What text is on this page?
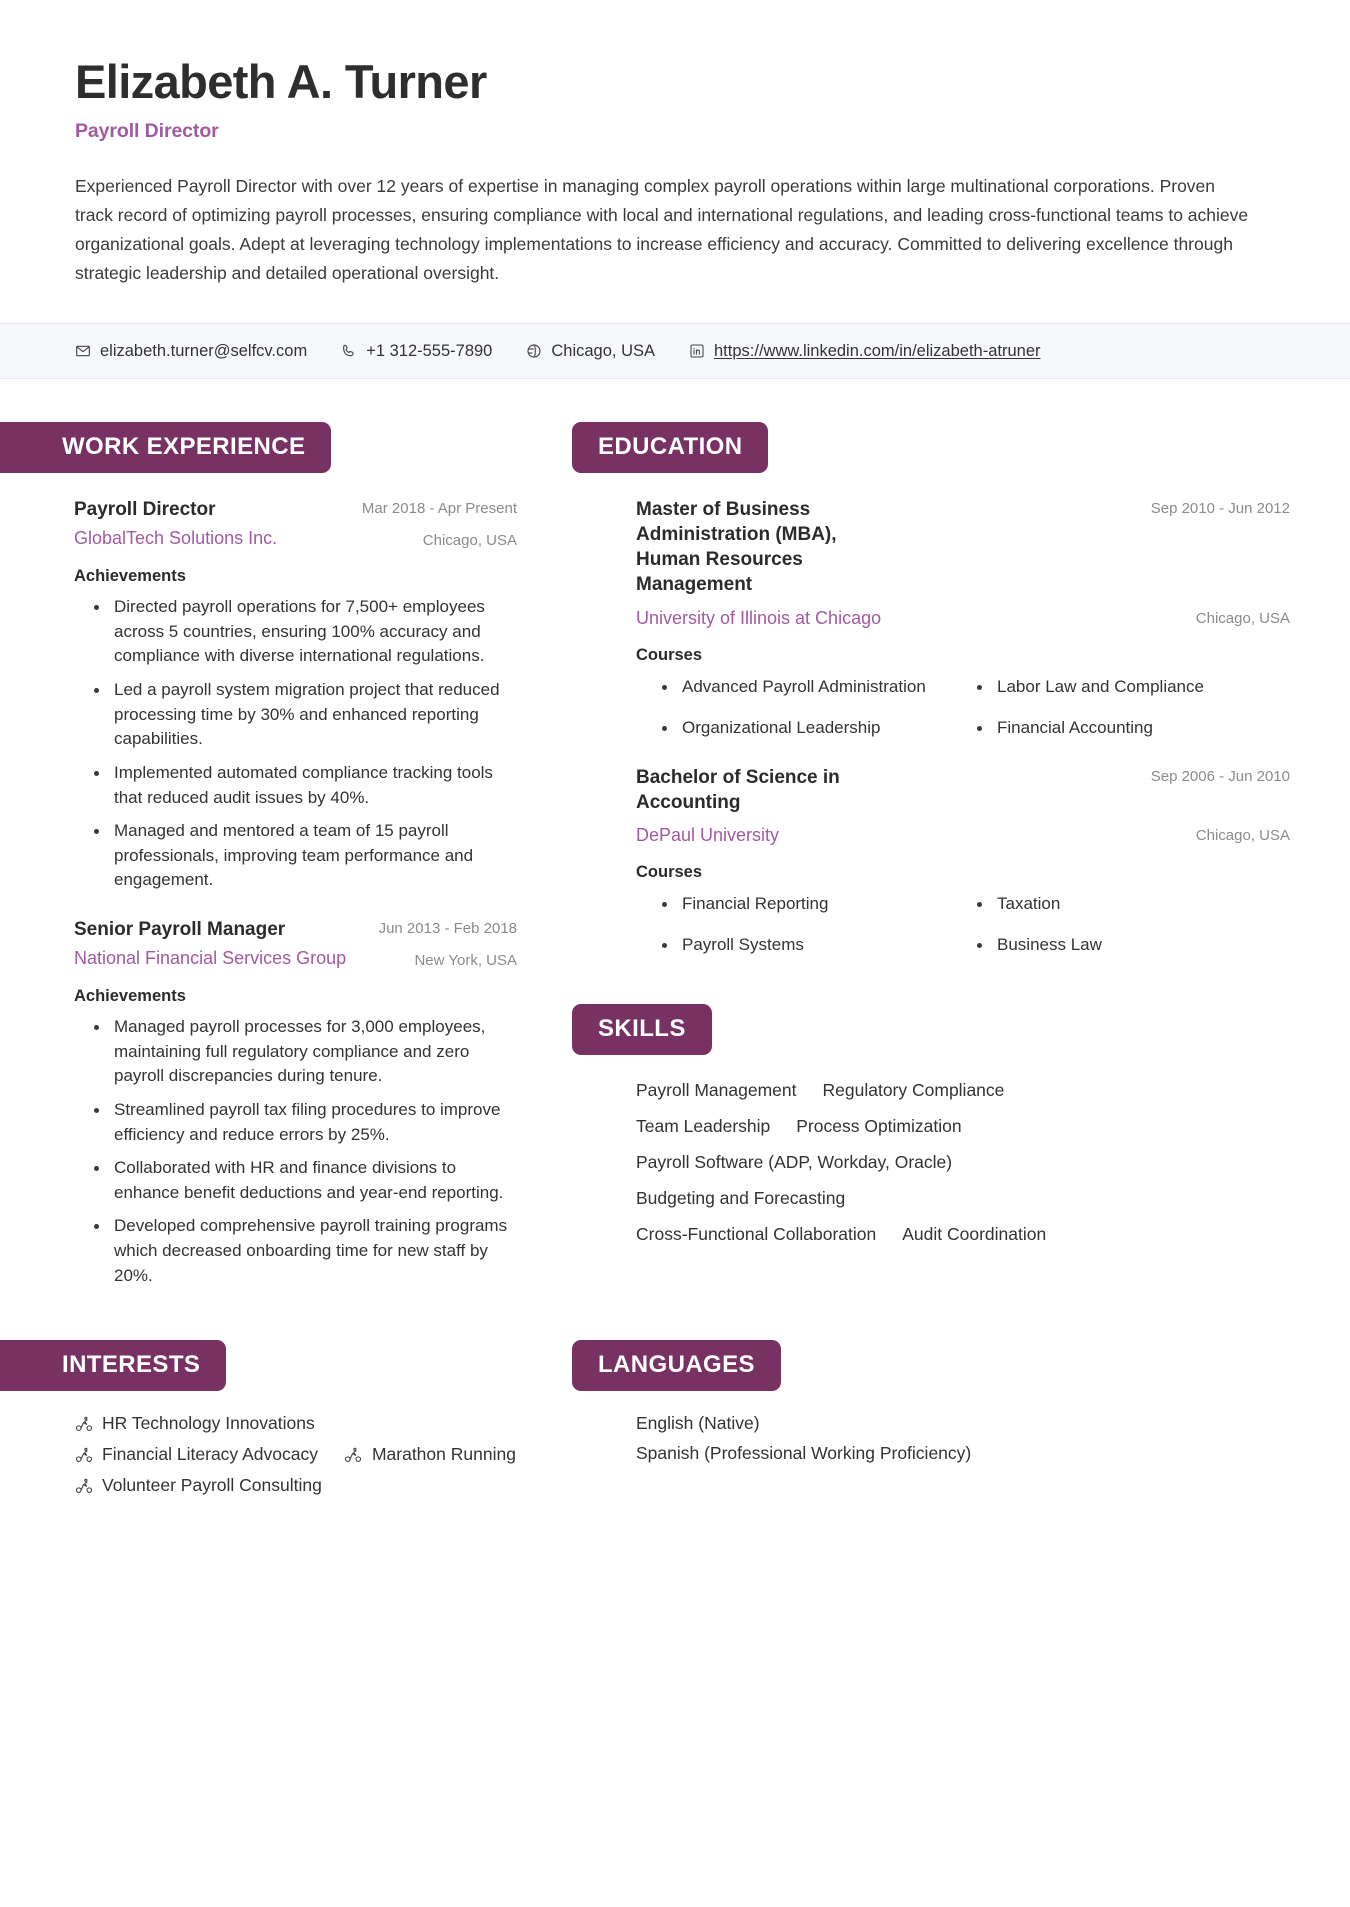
Elizabeth A. Turner
Payroll Director
Experienced Payroll Director with over 12 years of expertise in managing complex payroll operations within large multinational corporations. Proven track record of optimizing payroll processes, ensuring compliance with local and international regulations, and leading cross-functional teams to achieve organizational goals. Adept at leveraging technology implementations to increase efficiency and accuracy. Committed to delivering excellence through strategic leadership and detailed operational oversight.
elizabeth.turner@selfcv.com	+1 312-555-7890	Chicago, USA	https://www.linkedin.com/in/elizabeth-atruner
WORK EXPERIENCE
Payroll Director
GlobalTech Solutions Inc.
Mar 2018 - Apr Present
Chicago, USA
Achievements
Directed payroll operations for 7,500+ employees across 5 countries, ensuring 100% accuracy and compliance with diverse international regulations.
Led a payroll system migration project that reduced processing time by 30% and enhanced reporting capabilities.
Implemented automated compliance tracking tools that reduced audit issues by 40%.
Managed and mentored a team of 15 payroll professionals, improving team performance and engagement.
Senior Payroll Manager
National Financial Services Group
Jun 2013 - Feb 2018
New York, USA
Achievements
Managed payroll processes for 3,000 employees, maintaining full regulatory compliance and zero payroll discrepancies during tenure.
Streamlined payroll tax filing procedures to improve efficiency and reduce errors by 25%.
Collaborated with HR and finance divisions to enhance benefit deductions and year-end reporting.
Developed comprehensive payroll training programs which decreased onboarding time for new staff by 20%.
EDUCATION
Master of Business Administration (MBA), Human Resources Management
Sep 2010 - Jun 2012
University of Illinois at Chicago	Chicago, USA
Courses
Advanced Payroll Administration	Labor Law and Compliance
Organizational Leadership	Financial Accounting
Bachelor of Science in Accounting
Sep 2006 - Jun 2010
DePaul University	Chicago, USA
Courses
Financial Reporting	Taxation
Payroll Systems	Business Law
SKILLS
Payroll Management Regulatory Compliance
Team Leadership Process Optimization
Payroll Software (ADP, Workday, Oracle)
Budgeting and Forecasting
Cross-Functional Collaboration Audit Coordination
INTERESTS
HR Technology Innovations
Financial Literacy Advocacy	Marathon Running
Volunteer Payroll Consulting
LANGUAGES
English (Native)
Spanish (Professional Working Proficiency)
